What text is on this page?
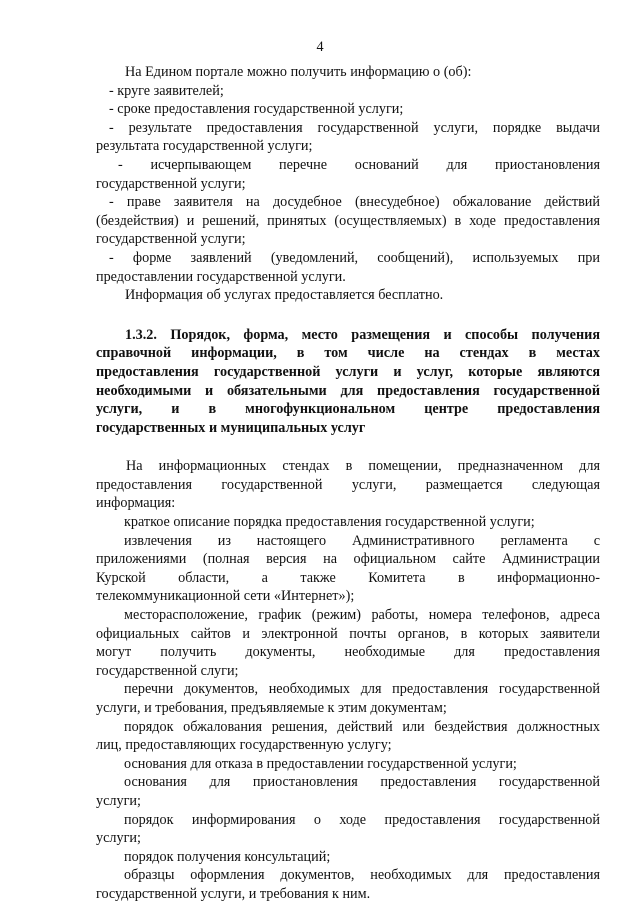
4
На Едином портале можно получить информацию о (об):
- круге заявителей;
- сроке предоставления государственной услуги;
- результате предоставления государственной услуги, порядке выдачи
результата государственной услуги;
- исчерпывающем перечне оснований для приостановления
государственной услуги;
- праве заявителя на досудебное (внесудебное) обжалование действий
(бездействия) и решений, принятых (осуществляемых) в ходе предоставления
государственной услуги;
- форме заявлений (уведомлений, сообщений), используемых при
предоставлении государственной услуги.
Информация об услугах предоставляется бесплатно.
1.3.2. Порядок, форма, место размещения и способы получения
справочной информации, в том числе на стендах в местах
предоставления государственной услуги и услуг, которые являются
необходимыми и обязательными для предоставления государственной
услуги, и в многофункциональном центре предоставления
государственных и муниципальных услуг
На информационных стендах в помещении, предназначенном для
предоставления государственной услуги, размещается следующая
информация:
краткое описание порядка предоставления государственной услуги;
извлечения из настоящего Административного регламента с
приложениями (полная версия на официальном сайте Администрации
Курской области, а также Комитета в информационно-
телекоммуникационной сети «Интернет»);
месторасположение, график (режим) работы, номера телефонов, адреса
официальных сайтов и электронной почты органов, в которых заявители
могут получить документы, необходимые для предоставления
государственной слуги;
перечни документов, необходимых для предоставления государственной
услуги, и требования, предъявляемые к этим документам;
порядок обжалования решения, действий или бездействия должностных
лиц, предоставляющих государственную услугу;
основания для отказа в предоставлении государственной услуги;
основания для приостановления предоставления государственной
услуги;
порядок информирования о ходе предоставления государственной
услуги;
порядок получения консультаций;
образцы оформления документов, необходимых для предоставления
государственной услуги, и требования к ним.
